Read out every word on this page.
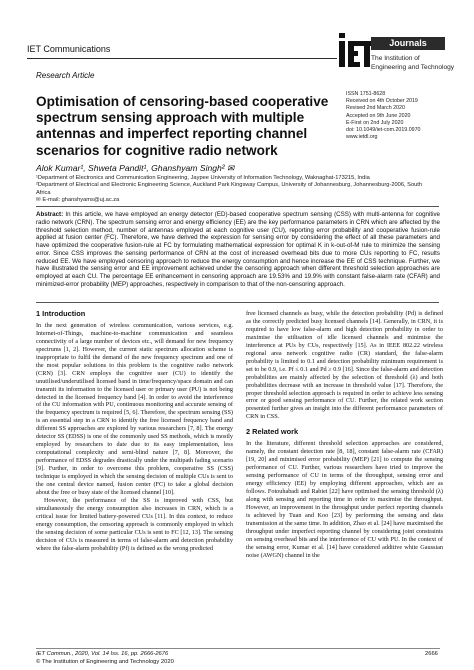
IET Communications
Research Article
Journals
The Institution of
Engineering and Technology
Optimisation of censoring-based cooperative spectrum sensing approach with multiple antennas and imperfect reporting channel scenarios for cognitive radio network
ISSN 1751-8628
Received on 4th October 2019
Revised 2nd March 2020
Accepted on 9th June 2020
E-First on 2nd July 2020
doi: 10.1049/iet-com.2019.0970
www.ietdl.org
Alok Kumar¹, Shweta Pandit¹, Ghanshyam Singh² ✉

¹Department of Electronics and Communication Engineering, Jaypee University of Information Technology, Waknaghat-173215, India

²Department of Electrical and Electronic Engineering Science, Auckland Park Kingsway Campus, University of Johannesburg, Johannesburg-2006, South Africa

✉ E-mail: ghanshyams@uj.ac.za

Abstract: In this article, we have employed an energy detector (ED)-based cooperative spectrum sensing (CSS) with multi-antenna for cognitive radio network (CRN). The spectrum sensing error and energy efficiency (EE) are the key performance parameters in CRN which are affected by the threshold selection method, number of antennas employed at each cognitive user (CU), reporting error probability and cooperative fusion-rule applied at fusion center (FC). Therefore, we have derived the expression for sensing error by considering the effect of all these parameters and have optimized the cooperative fusion-rule at FC by formulating mathematical expression for optimal K in k-out-of-M rule to minimize the sensing error. Since CSS improves the sensing performance of CRN at the cost of increased overhead bits due to more CUs reporting to FC, results reduced EE. We have employed censoring approach to reduce the energy consumption and hence increase the EE of CSS technique. Further, we have illustrated the sensing error and EE improvement achieved under the censoring approach when different threshold selection approaches are employed at each CU. The percentage EE enhancement in censoring approach are 19.53% and 19.9% with constant false-alarm rate (CFAR) and minimized-error probability (MEP) approaches, respectively in comparison to that of the non-censoring approach.

1 Introduction

In the next generation of wireless communication, various services, e.g. Internet-of-Things, machine-to-machine communication and seamless connectivity of a large number of devices etc., will demand for new frequency spectrums [1, 2]. However, the current static spectrum allocation scheme is inappropriate to fulfil the demand of the new frequency spectrum and one of the most popular solutions to this problem is the cognitive radio network (CRN) [3]. CRN employs the cognitive user (CU) to identify the unutilised/underutilised licensed band in time/frequency/space domain and can transmit its information to the licensed user or primary user (PU) is not being detected in the licensed frequency band [4]. In order to avoid the interference of the CU information with PU, continuous monitoring and accurate sensing of the frequency spectrum is required [5, 6]. Therefore, the spectrum sensing (SS) is an essential step in a CRN to identify the free licensed frequency band and different SS approaches are explored by various researchers [7, 8]. The energy detector SS (EDSS) is one of the commonly used SS methods, which is mostly employed by researchers to date due to its easy implementation, less computational complexity and semi-blind nature [7, 8]. Moreover, the performance of EDSS degrades drastically under the multipath fading scenario [9]. Further, in order to overcome this problem, cooperative SS (CSS) technique is employed in which the sensing decision of multiple CUs is sent to the one central device named, fusion center (FC) to take a global decision about the free or busy state of the licensed channel [10].

However, the performance of the SS is improved with CSS, but simultaneously the energy consumption also increases in CRN, which is a critical issue for limited battery-powered CUs [11]. In this context, to reduce energy consumption, the censoring approach is commonly employed in which the sensing decision of some particular CUs is sent to FC [12, 13]. The sensing decision of CUs is measured in terms of false-alarm and detection probability where the false-alarm probability (Pf) is defined as the wrong predicted

free licensed channels as busy, while the detection probability (Pd) is defined as the correctly predicted busy licensed channels [14]. Generally, in CRN, it is required to have low false-alarm and high detection probability in order to maximise the utilisation of idle licensed channels and minimise the interference at PUs by CUs, respectively [15]. As in IEEE 802.22 wireless regional area network cognitive radio (CR) standard, the false-alarm probability is limited to 0.1 and detection probability minimum requirement is set to be 0.9, i.e. Pf ≤ 0.1 and Pd ≥ 0.9 [16]. Since the false-alarm and detection probabilities are mainly affected by the selection of threshold (λ) and both probabilities decrease with an increase in threshold value [17]. Therefore, the proper threshold selection approach is required in order to achieve less sensing error or good sensing performance of CU. Further, the related work section presented further gives an insight into the different performance parameters of CRN in CSS.

2 Related work

In the literature, different threshold selection approaches are considered, namely, the constant detection rate [8, 18], constant false-alarm rate (CFAR) [19, 20] and minimised error probability (MEP) [21] to compute the sensing performance of CU. Further, various researchers have tried to improve the sensing performance of CU in terms of the throughput, sensing error and energy efficiency (EE) by employing different approaches, which are as follows. Fotouhabadi and Rabiei [22] have optimised the sensing threshold (λ) along with sensing and reporting time in order to maximise the throughput. However, an improvement in the throughput under perfect reporting channels is achieved by Tuan and Koo [23] by performing the sensing and data transmission at the same time. In addition, Zhao et al. [24] have maximised the throughput under imperfect reporting channel by considering joint constraints on sensing overhead bits and the interference of CU with PU. In the context of the sensing error, Kumar et al. [14] have considered additive white Gaussian noise (AWGN) channel in the

IET Commun., 2020, Vol. 14 Iss. 16, pp. 2666-2676
© The Institution of Engineering and Technology 2020
2666
